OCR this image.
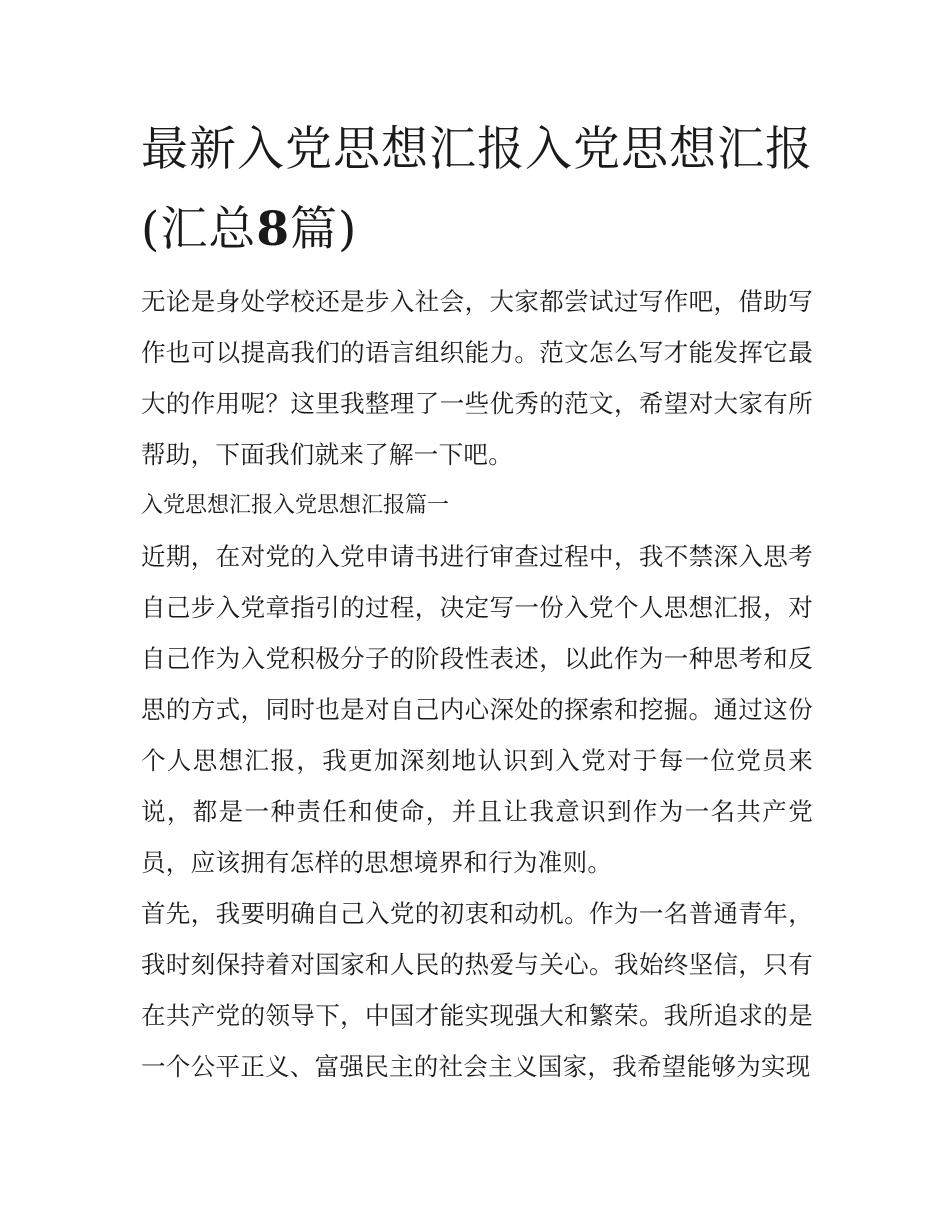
最新入党思想汇报入党思想汇报(汇总8篇)

无论是身处学校还是步入社会，大家都尝试过写作吧，借助写作也可以提高我们的语言组织能力。范文怎么写才能发挥它最大的作用呢？这里我整理了一些优秀的范文，希望对大家有所帮助，下面我们就来了解一下吧。

入党思想汇报入党思想汇报篇一

近期，在对党的入党申请书进行审查过程中，我不禁深入思考自己步入党章指引的过程，决定写一份入党个人思想汇报，对自己作为入党积极分子的阶段性表述，以此作为一种思考和反思的方式，同时也是对自己内心深处的探索和挖掘。通过这份个人思想汇报，我更加深刻地认识到入党对于每一位党员来说，都是一种责任和使命，并且让我意识到作为一名共产党员，应该拥有怎样的思想境界和行为准则。

首先，我要明确自己入党的初衷和动机。作为一名普通青年，我时刻保持着对国家和人民的热爱与关心。我始终坚信，只有在共产党的领导下，中国才能实现强大和繁荣。我所追求的是一个公平正义、富强民主的社会主义国家，我希望能够为实现
